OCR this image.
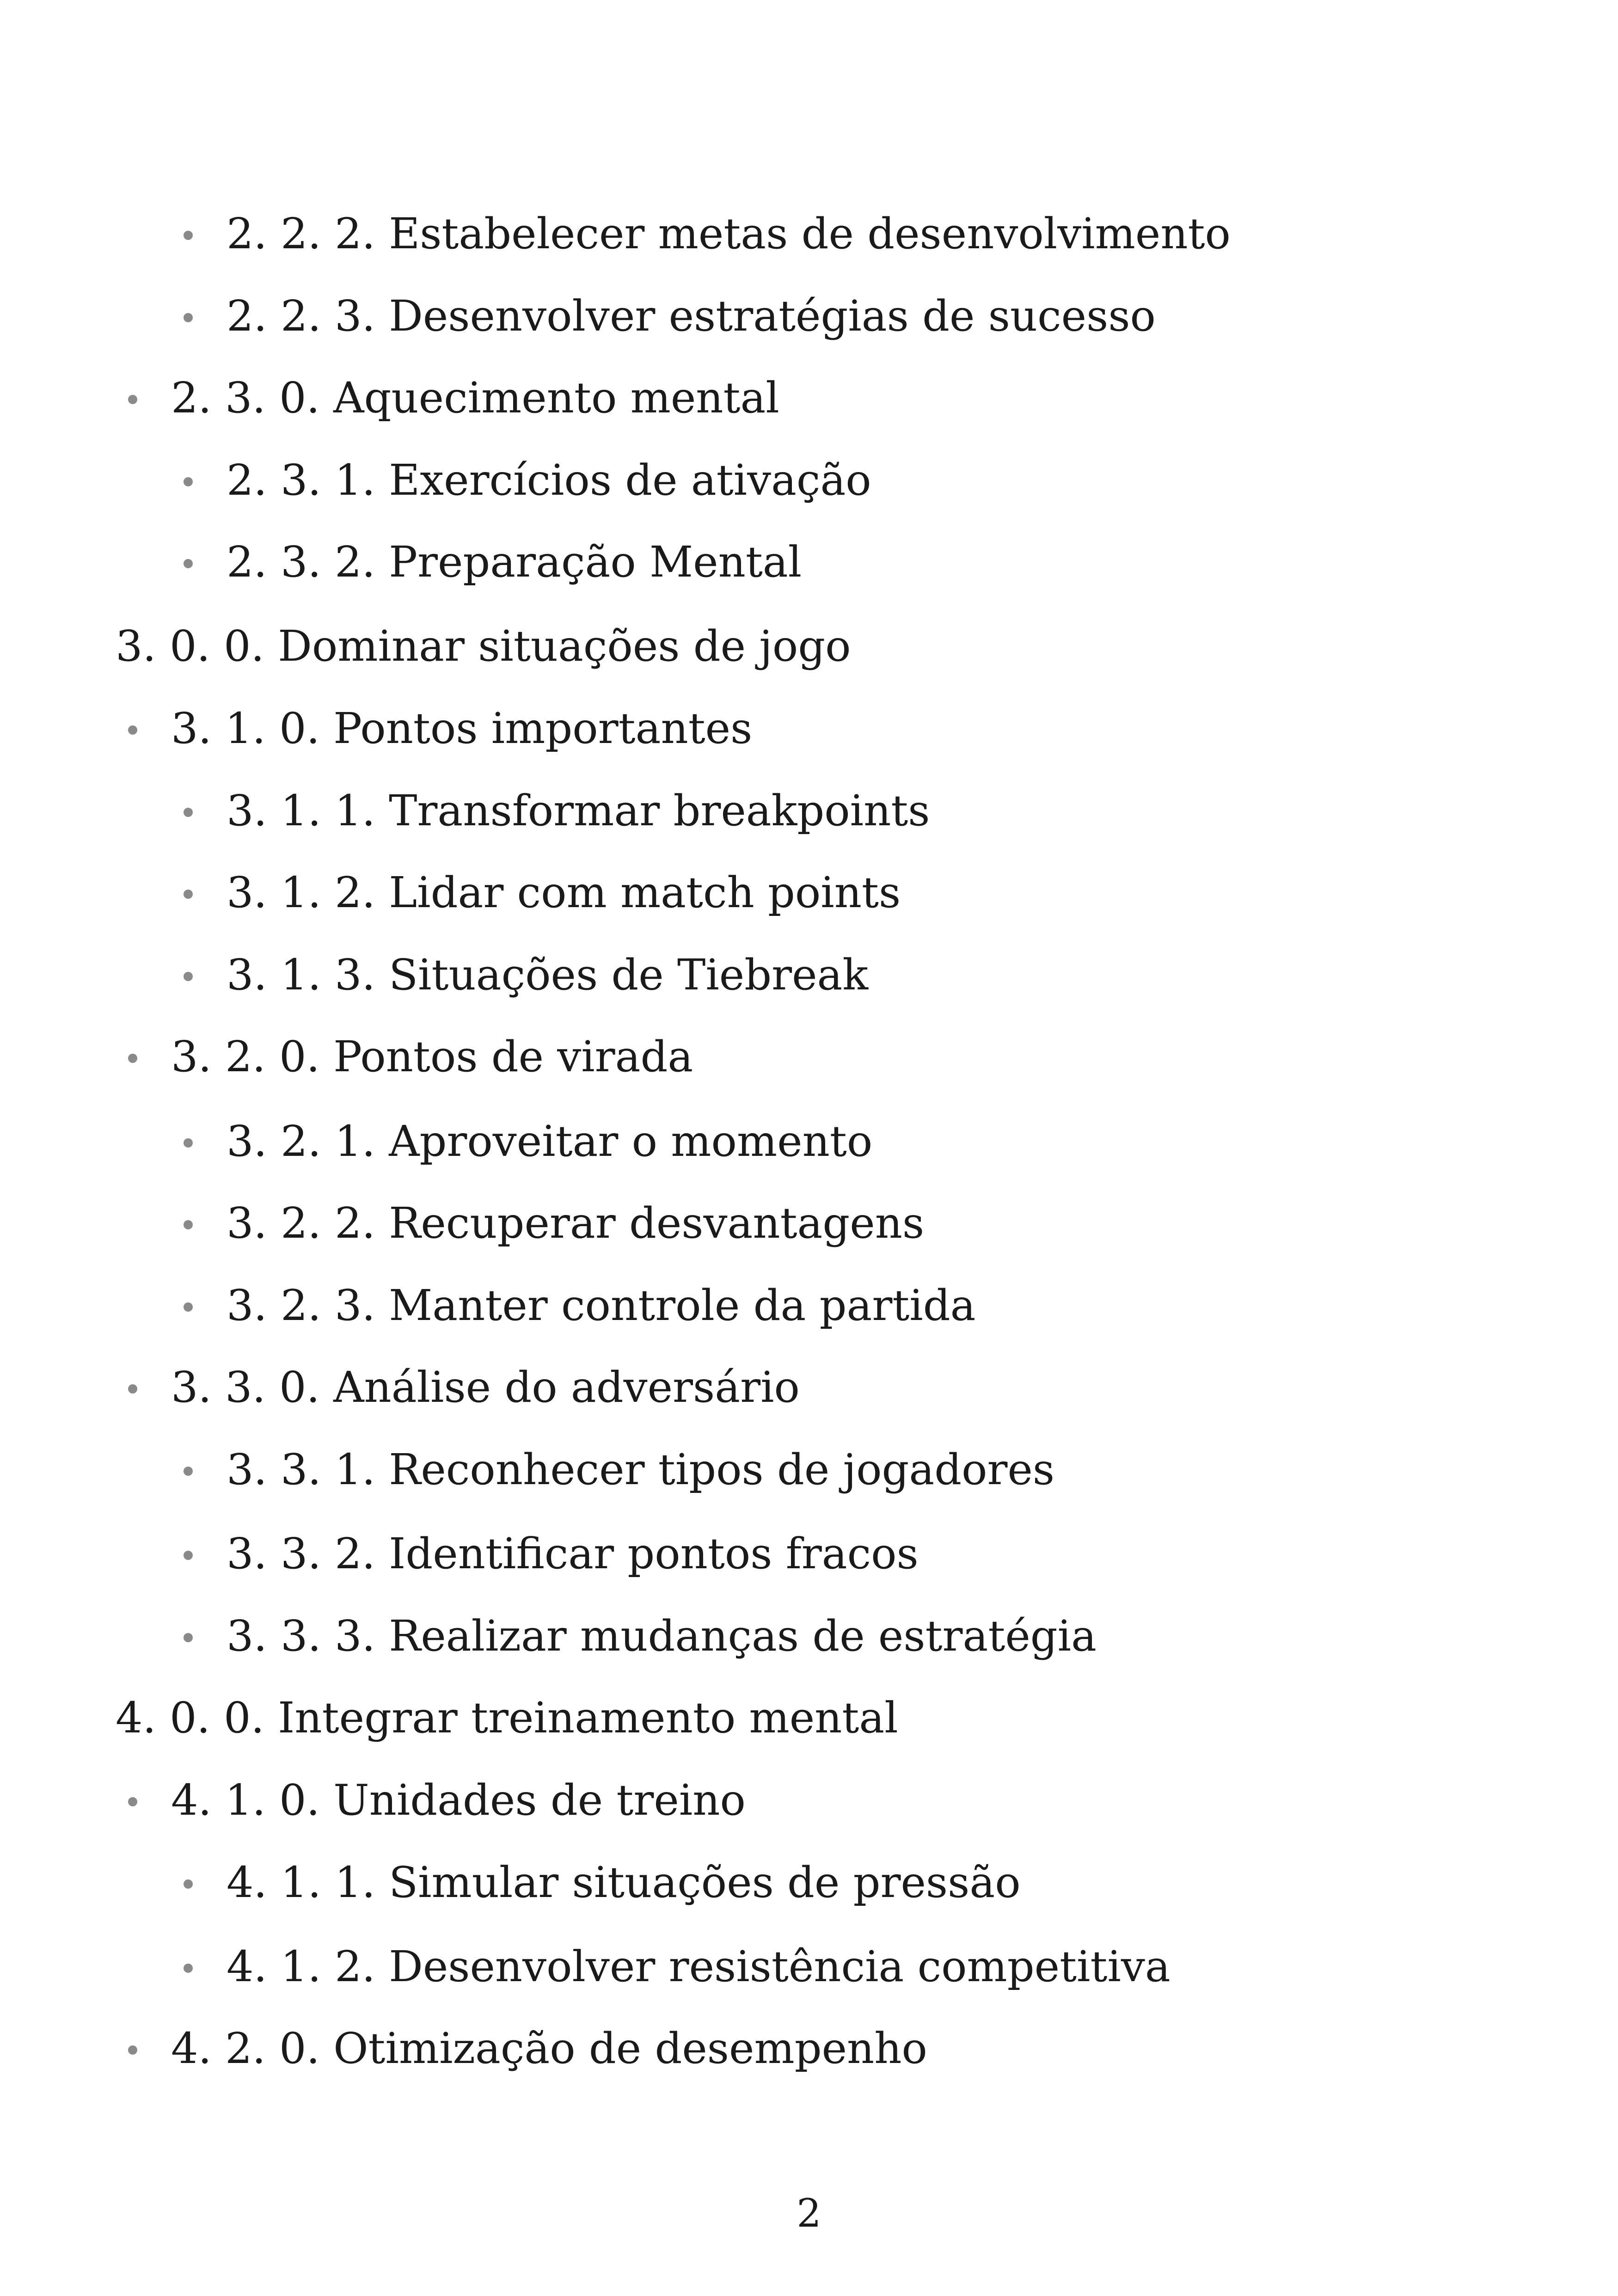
2. 2. 2. Estabelecer metas de desenvolvimento
2. 2. 3. Desenvolver estratégias de sucesso
2. 3. 0. Aquecimento mental
2. 3. 1. Exercícios de ativação
2. 3. 2. Preparação Mental
3. 0. 0. Dominar situações de jogo
3. 1. 0. Pontos importantes
3. 1. 1. Transformar breakpoints
3. 1. 2. Lidar com match points
3. 1. 3. Situações de Tiebreak
3. 2. 0. Pontos de virada
3. 2. 1. Aproveitar o momento
3. 2. 2. Recuperar desvantagens
3. 2. 3. Manter controle da partida
3. 3. 0. Análise do adversário
3. 3. 1. Reconhecer tipos de jogadores
3. 3. 2. Identificar pontos fracos
3. 3. 3. Realizar mudanças de estratégia
4. 0. 0. Integrar treinamento mental
4. 1. 0. Unidades de treino
4. 1. 1. Simular situações de pressão
4. 1. 2. Desenvolver resistência competitiva
4. 2. 0. Otimização de desempenho
2
